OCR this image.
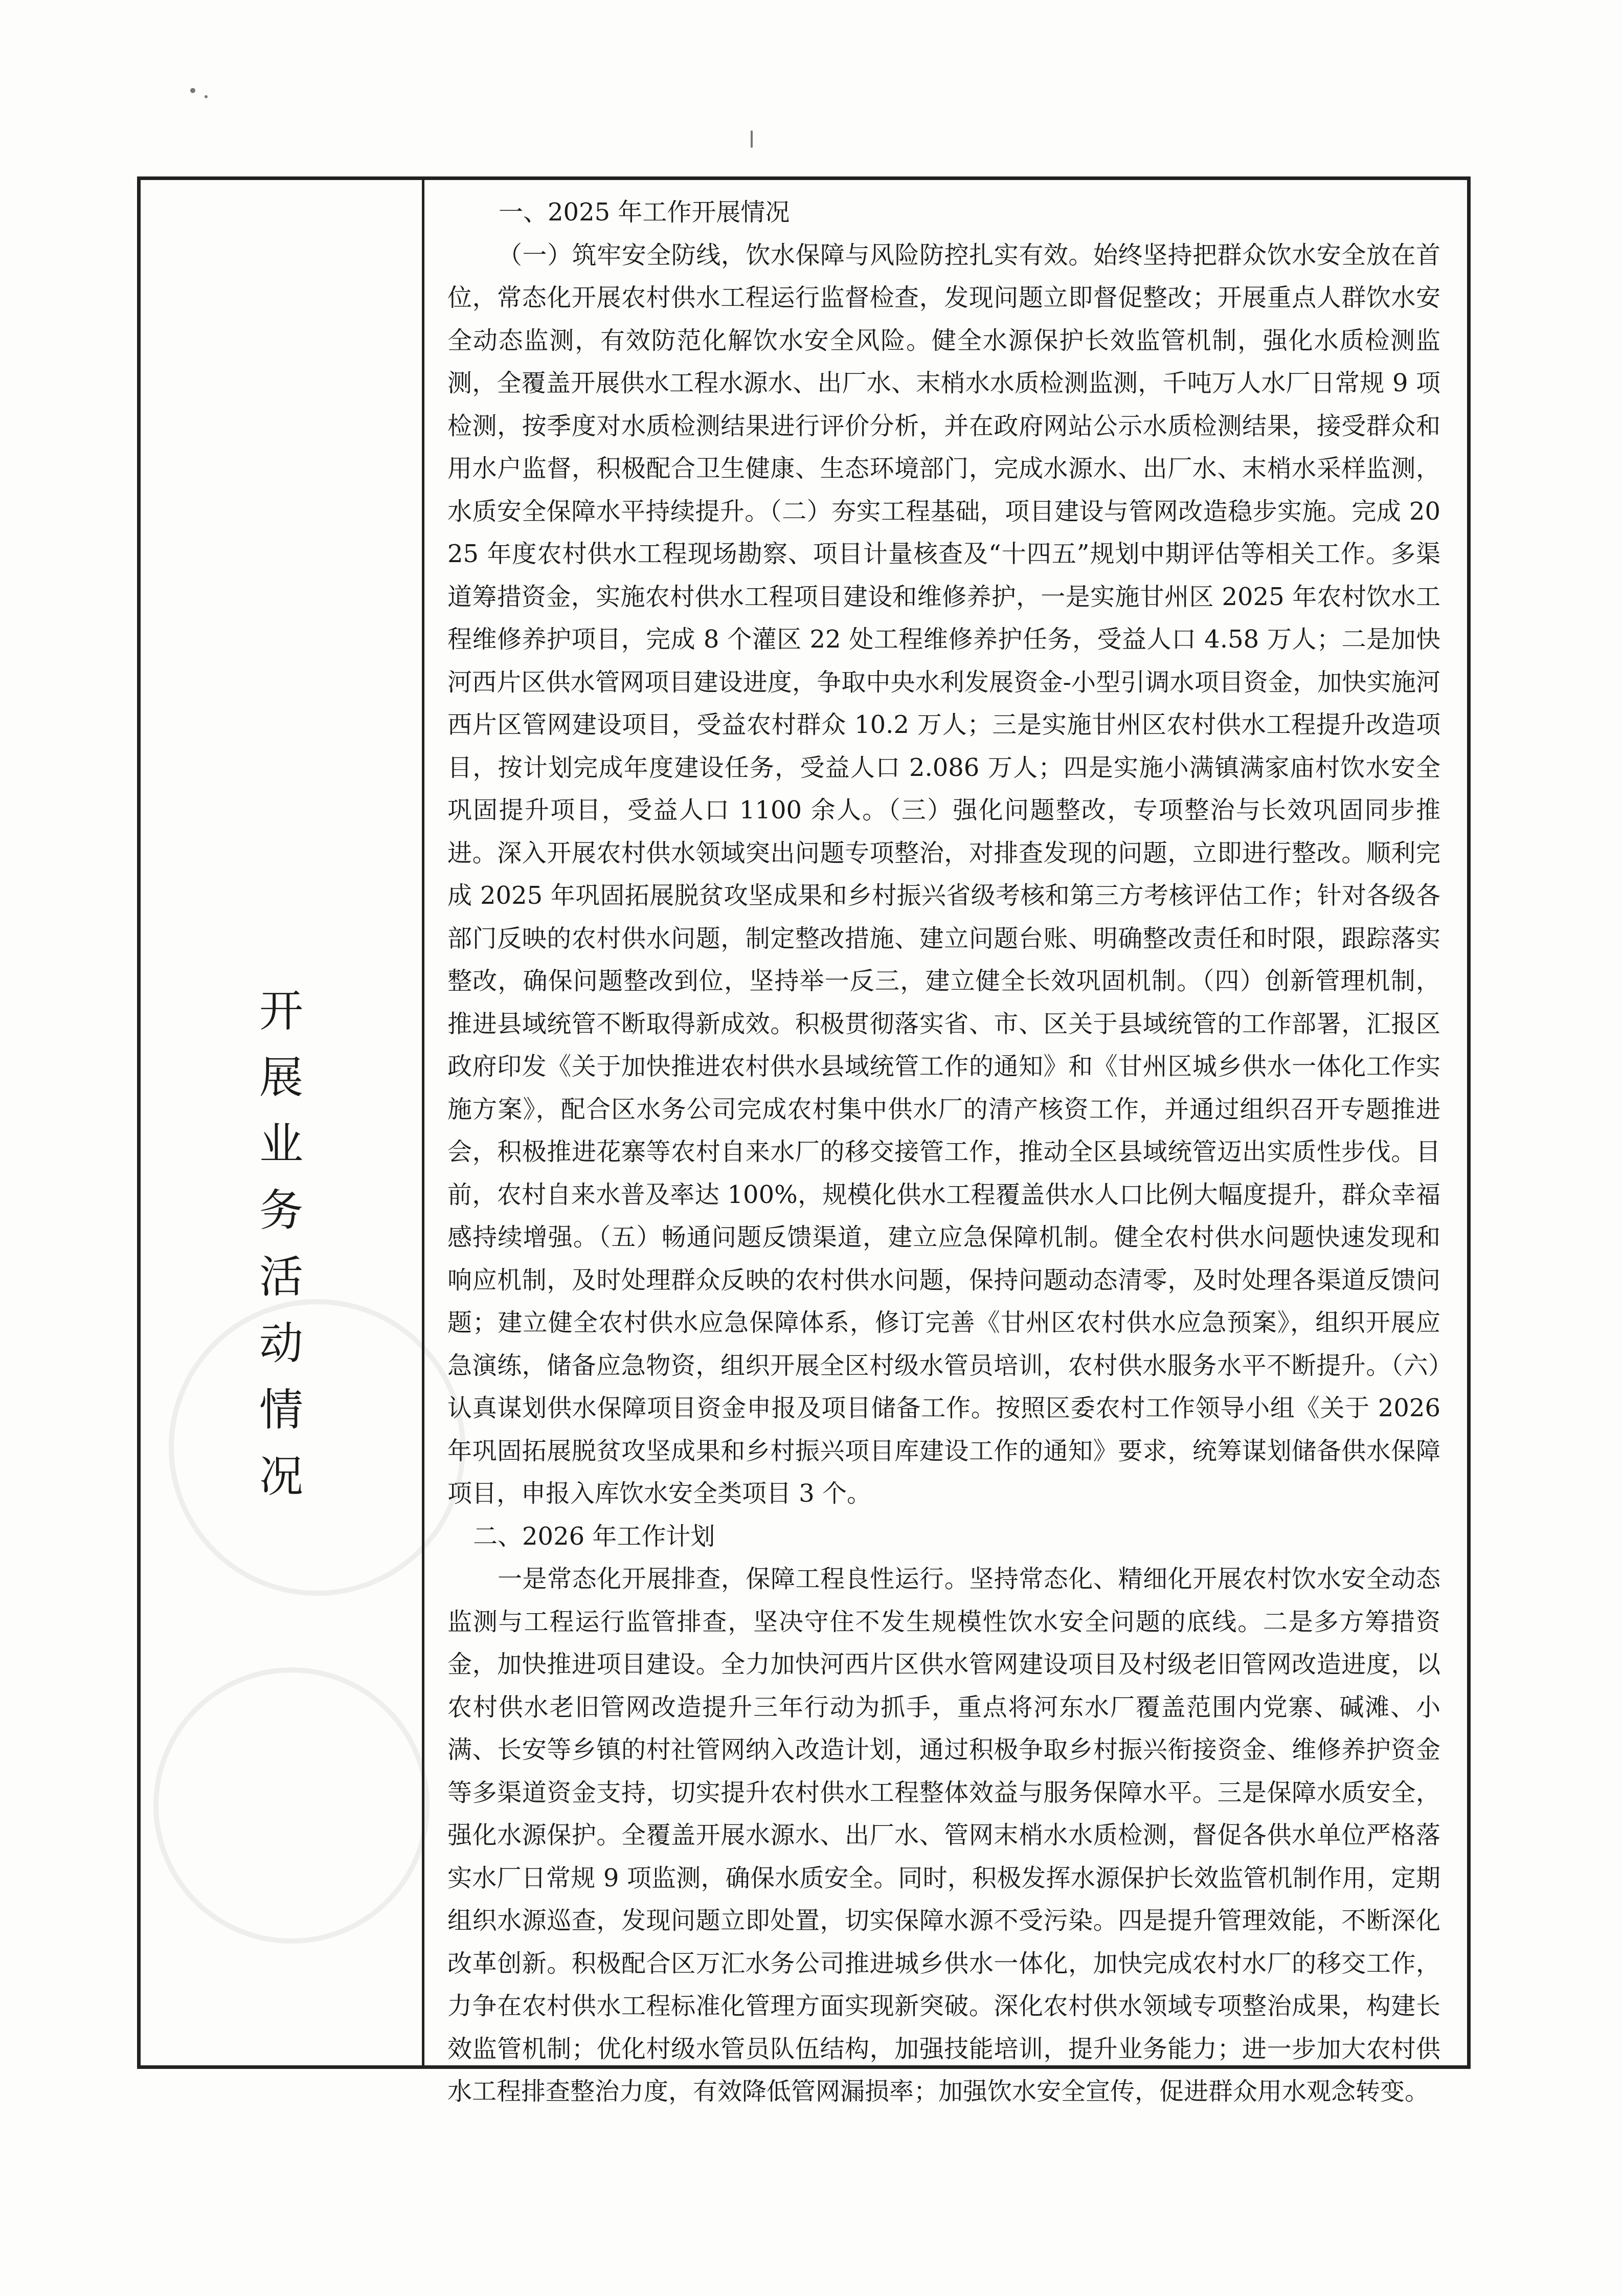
开
展
业
务
活
动
情
况

一、2025 年工作开展情况

（一）筑牢安全防线，饮水保障与风险防控扎实有效。始终坚持把群众饮水安全放在首位，常态化开展农村供水工程运行监督检查，发现问题立即督促整改；开展重点人群饮水安全动态监测，有效防范化解饮水安全风险。健全水源保护长效监管机制，强化水质检测监测，全覆盖开展供水工程水源水、出厂水、末梢水水质检测监测，千吨万人水厂日常规 9 项检测，按季度对水质检测结果进行评价分析，并在政府网站公示水质检测结果，接受群众和用水户监督，积极配合卫生健康、生态环境部门，完成水源水、出厂水、末梢水采样监测，水质安全保障水平持续提升。（二）夯实工程基础，项目建设与管网改造稳步实施。完成 2025 年度农村供水工程现场勘察、项目计量核查及“十四五”规划中期评估等相关工作。多渠道筹措资金，实施农村供水工程项目建设和维修养护，一是实施甘州区 2025 年农村饮水工程维修养护项目，完成 8 个灌区 22 处工程维修养护任务，受益人口 4.58 万人；二是加快河西片区供水管网项目建设进度，争取中央水利发展资金-小型引调水项目资金，加快实施河西片区管网建设项目，受益农村群众 10.2 万人；三是实施甘州区农村供水工程提升改造项目，按计划完成年度建设任务，受益人口 2.086 万人；四是实施小满镇满家庙村饮水安全巩固提升项目，受益人口 1100 余人。（三）强化问题整改，专项整治与长效巩固同步推进。深入开展农村供水领域突出问题专项整治，对排查发现的问题，立即进行整改。顺利完成 2025 年巩固拓展脱贫攻坚成果和乡村振兴省级考核和第三方考核评估工作；针对各级各部门反映的农村供水问题，制定整改措施、建立问题台账、明确整改责任和时限，跟踪落实整改，确保问题整改到位，坚持举一反三，建立健全长效巩固机制。（四）创新管理机制，推进县域统管不断取得新成效。积极贯彻落实省、市、区关于县域统管的工作部署，汇报区政府印发《关于加快推进农村供水县域统管工作的通知》和《甘州区城乡供水一体化工作实施方案》，配合区水务公司完成农村集中供水厂的清产核资工作，并通过组织召开专题推进会，积极推进花寨等农村自来水厂的移交接管工作，推动全区县域统管迈出实质性步伐。目前，农村自来水普及率达 100%，规模化供水工程覆盖供水人口比例大幅度提升，群众幸福感持续增强。（五）畅通问题反馈渠道，建立应急保障机制。健全农村供水问题快速发现和响应机制，及时处理群众反映的农村供水问题，保持问题动态清零，及时处理各渠道反馈问题；建立健全农村供水应急保障体系，修订完善《甘州区农村供水应急预案》，组织开展应急演练，储备应急物资，组织开展全区村级水管员培训，农村供水服务水平不断提升。（六）认真谋划供水保障项目资金申报及项目储备工作。按照区委农村工作领导小组《关于 2026 年巩固拓展脱贫攻坚成果和乡村振兴项目库建设工作的通知》要求，统筹谋划储备供水保障项目，申报入库饮水安全类项目 3 个。

二、2026 年工作计划

一是常态化开展排查，保障工程良性运行。坚持常态化、精细化开展农村饮水安全动态监测与工程运行监管排查，坚决守住不发生规模性饮水安全问题的底线。二是多方筹措资金，加快推进项目建设。全力加快河西片区供水管网建设项目及村级老旧管网改造进度，以农村供水老旧管网改造提升三年行动为抓手，重点将河东水厂覆盖范围内党寨、碱滩、小满、长安等乡镇的村社管网纳入改造计划，通过积极争取乡村振兴衔接资金、维修养护资金等多渠道资金支持，切实提升农村供水工程整体效益与服务保障水平。三是保障水质安全，强化水源保护。全覆盖开展水源水、出厂水、管网末梢水水质检测，督促各供水单位严格落实水厂日常规 9 项监测，确保水质安全。同时，积极发挥水源保护长效监管机制作用，定期组织水源巡查，发现问题立即处置，切实保障水源不受污染。四是提升管理效能，不断深化改革创新。积极配合区万汇水务公司推进城乡供水一体化，加快完成农村水厂的移交工作，力争在农村供水工程标准化管理方面实现新突破。深化农村供水领域专项整治成果，构建长效监管机制；优化村级水管员队伍结构，加强技能培训，提升业务能力；进一步加大农村供水工程排查整治力度，有效降低管网漏损率；加强饮水安全宣传，促进群众用水观念转变。
